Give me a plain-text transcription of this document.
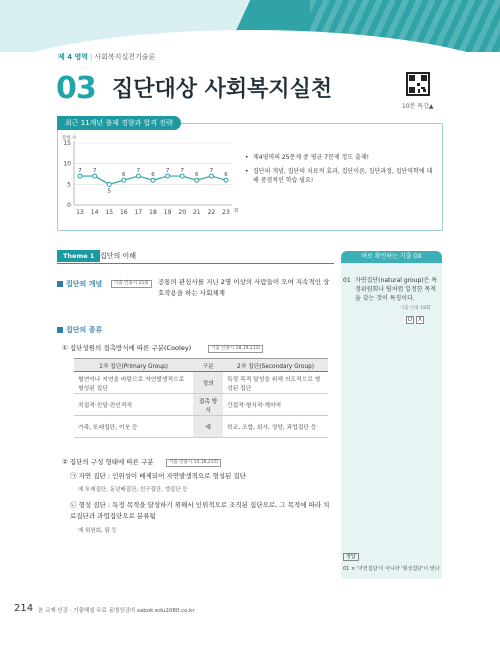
제 4 영역 | 사회복지실천기술론
03 집단대상 사회복지실천
10분 특강▲
최근 11개년 출제 경향과 합격 전략
문항 수
0
5
10
15
13 14 15 16 17 18 19 20 21 22 23 회
7 7
5
6
7
6
7 7
6
7
6
• 제4영역의 25문제 중 평균 7문제 정도 출제!
• 집단의 개념, 집단의 치료적 효과, 집단이론, 집단과정, 집단역학에 대해 중점적인 학습 필요!
Theme 1 집단의 이해
집단의 개념	기출 인용시 21회	공통의 관심사를 지닌 2명 이상의 사람들이 모여 지속적인 상호작용을 하는 사회체계
집단의 종류
① 집단성원의 접촉방식에 따른 구분(Cooley)	기출 인용시 18,19,21회
1차 집단(Primary Group)	구분	2차 집단(Secondary Group)
혈연이나 지연을 바탕으로 자연발생적으로 형성된 집단	정의	특정 목적 달성을 위해 의도적으로 형성된 집단
직접적·친밀·전인격적	접촉 방식	간접적·형식적·계약적
가족, 또래집단, 이웃 등	예	학교, 조합, 회사, 정당, 과업집단 등
② 집단의 구성 형태에 따른 구분	기출 인용시 14,18,21회
㉠ 자연 집단 : 인위성이 배제되어 자연발생적으로 형성된 집단
예 또래집단, 동년배집단, 친구집단, 갱집단 등
㉡ 형성 집단 : 특정 목적을 달성하기 위해서 인위적으로 조직된 집단으로, 그 목적에 따라 치료집단과 과업집단으로 분류됨
예 위원회, 팀 등
바로 확인하는 기출 OX
01 자연집단(natural group)은 특정위원회나 팀처럼 일정한 목적을 갖는 것이 특징이다.
기출 인용 18회
O X
정답
01 × '자연집단'이 아니라 '형성집단'이 맞다
214 본 교재 인강 · 기출해설 무료 동영상강의 sabok.edu2080.co.kr
